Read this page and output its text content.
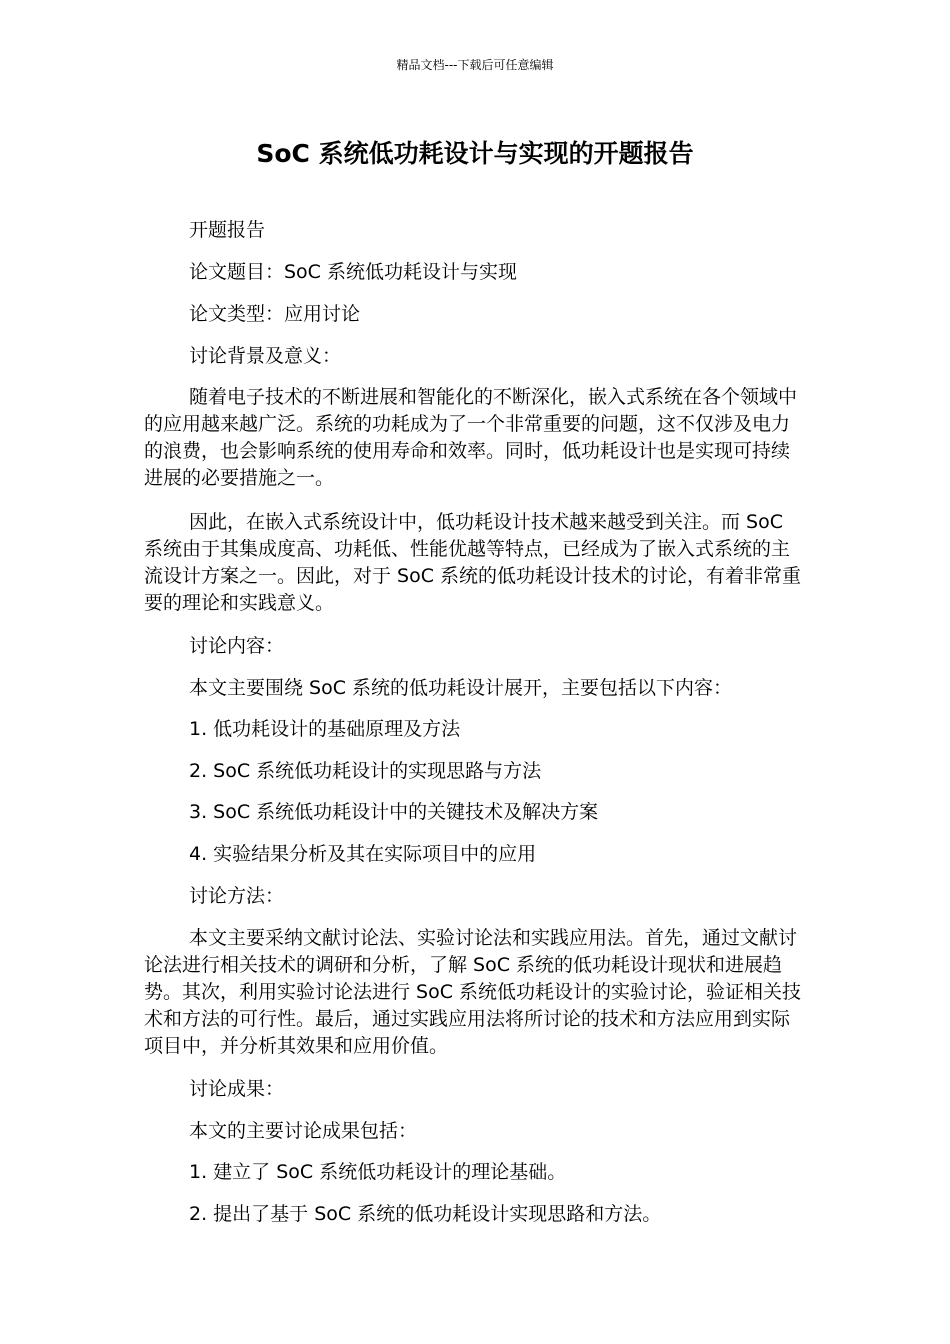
精品文档---下载后可任意编辑
SoC 系统低功耗设计与实现的开题报告

开题报告

论文题目：SoC 系统低功耗设计与实现

论文类型：应用讨论

讨论背景及意义：

随着电子技术的不断进展和智能化的不断深化，嵌入式系统在各个领域中的应用越来越广泛。系统的功耗成为了一个非常重要的问题，这不仅涉及电力的浪费，也会影响系统的使用寿命和效率。同时，低功耗设计也是实现可持续进展的必要措施之一。

因此，在嵌入式系统设计中，低功耗设计技术越来越受到关注。而 SoC 系统由于其集成度高、功耗低、性能优越等特点，已经成为了嵌入式系统的主流设计方案之一。因此，对于 SoC 系统的低功耗设计技术的讨论，有着非常重要的理论和实践意义。

讨论内容：

本文主要围绕 SoC 系统的低功耗设计展开，主要包括以下内容：

1. 低功耗设计的基础原理及方法

2. SoC 系统低功耗设计的实现思路与方法

3. SoC 系统低功耗设计中的关键技术及解决方案

4. 实验结果分析及其在实际项目中的应用

讨论方法：

本文主要采纳文献讨论法、实验讨论法和实践应用法。首先，通过文献讨论法进行相关技术的调研和分析，了解 SoC 系统的低功耗设计现状和进展趋势。其次，利用实验讨论法进行 SoC 系统低功耗设计的实验讨论，验证相关技术和方法的可行性。最后，通过实践应用法将所讨论的技术和方法应用到实际项目中，并分析其效果和应用价值。

讨论成果：

本文的主要讨论成果包括：

1. 建立了 SoC 系统低功耗设计的理论基础。

2. 提出了基于 SoC 系统的低功耗设计实现思路和方法。
